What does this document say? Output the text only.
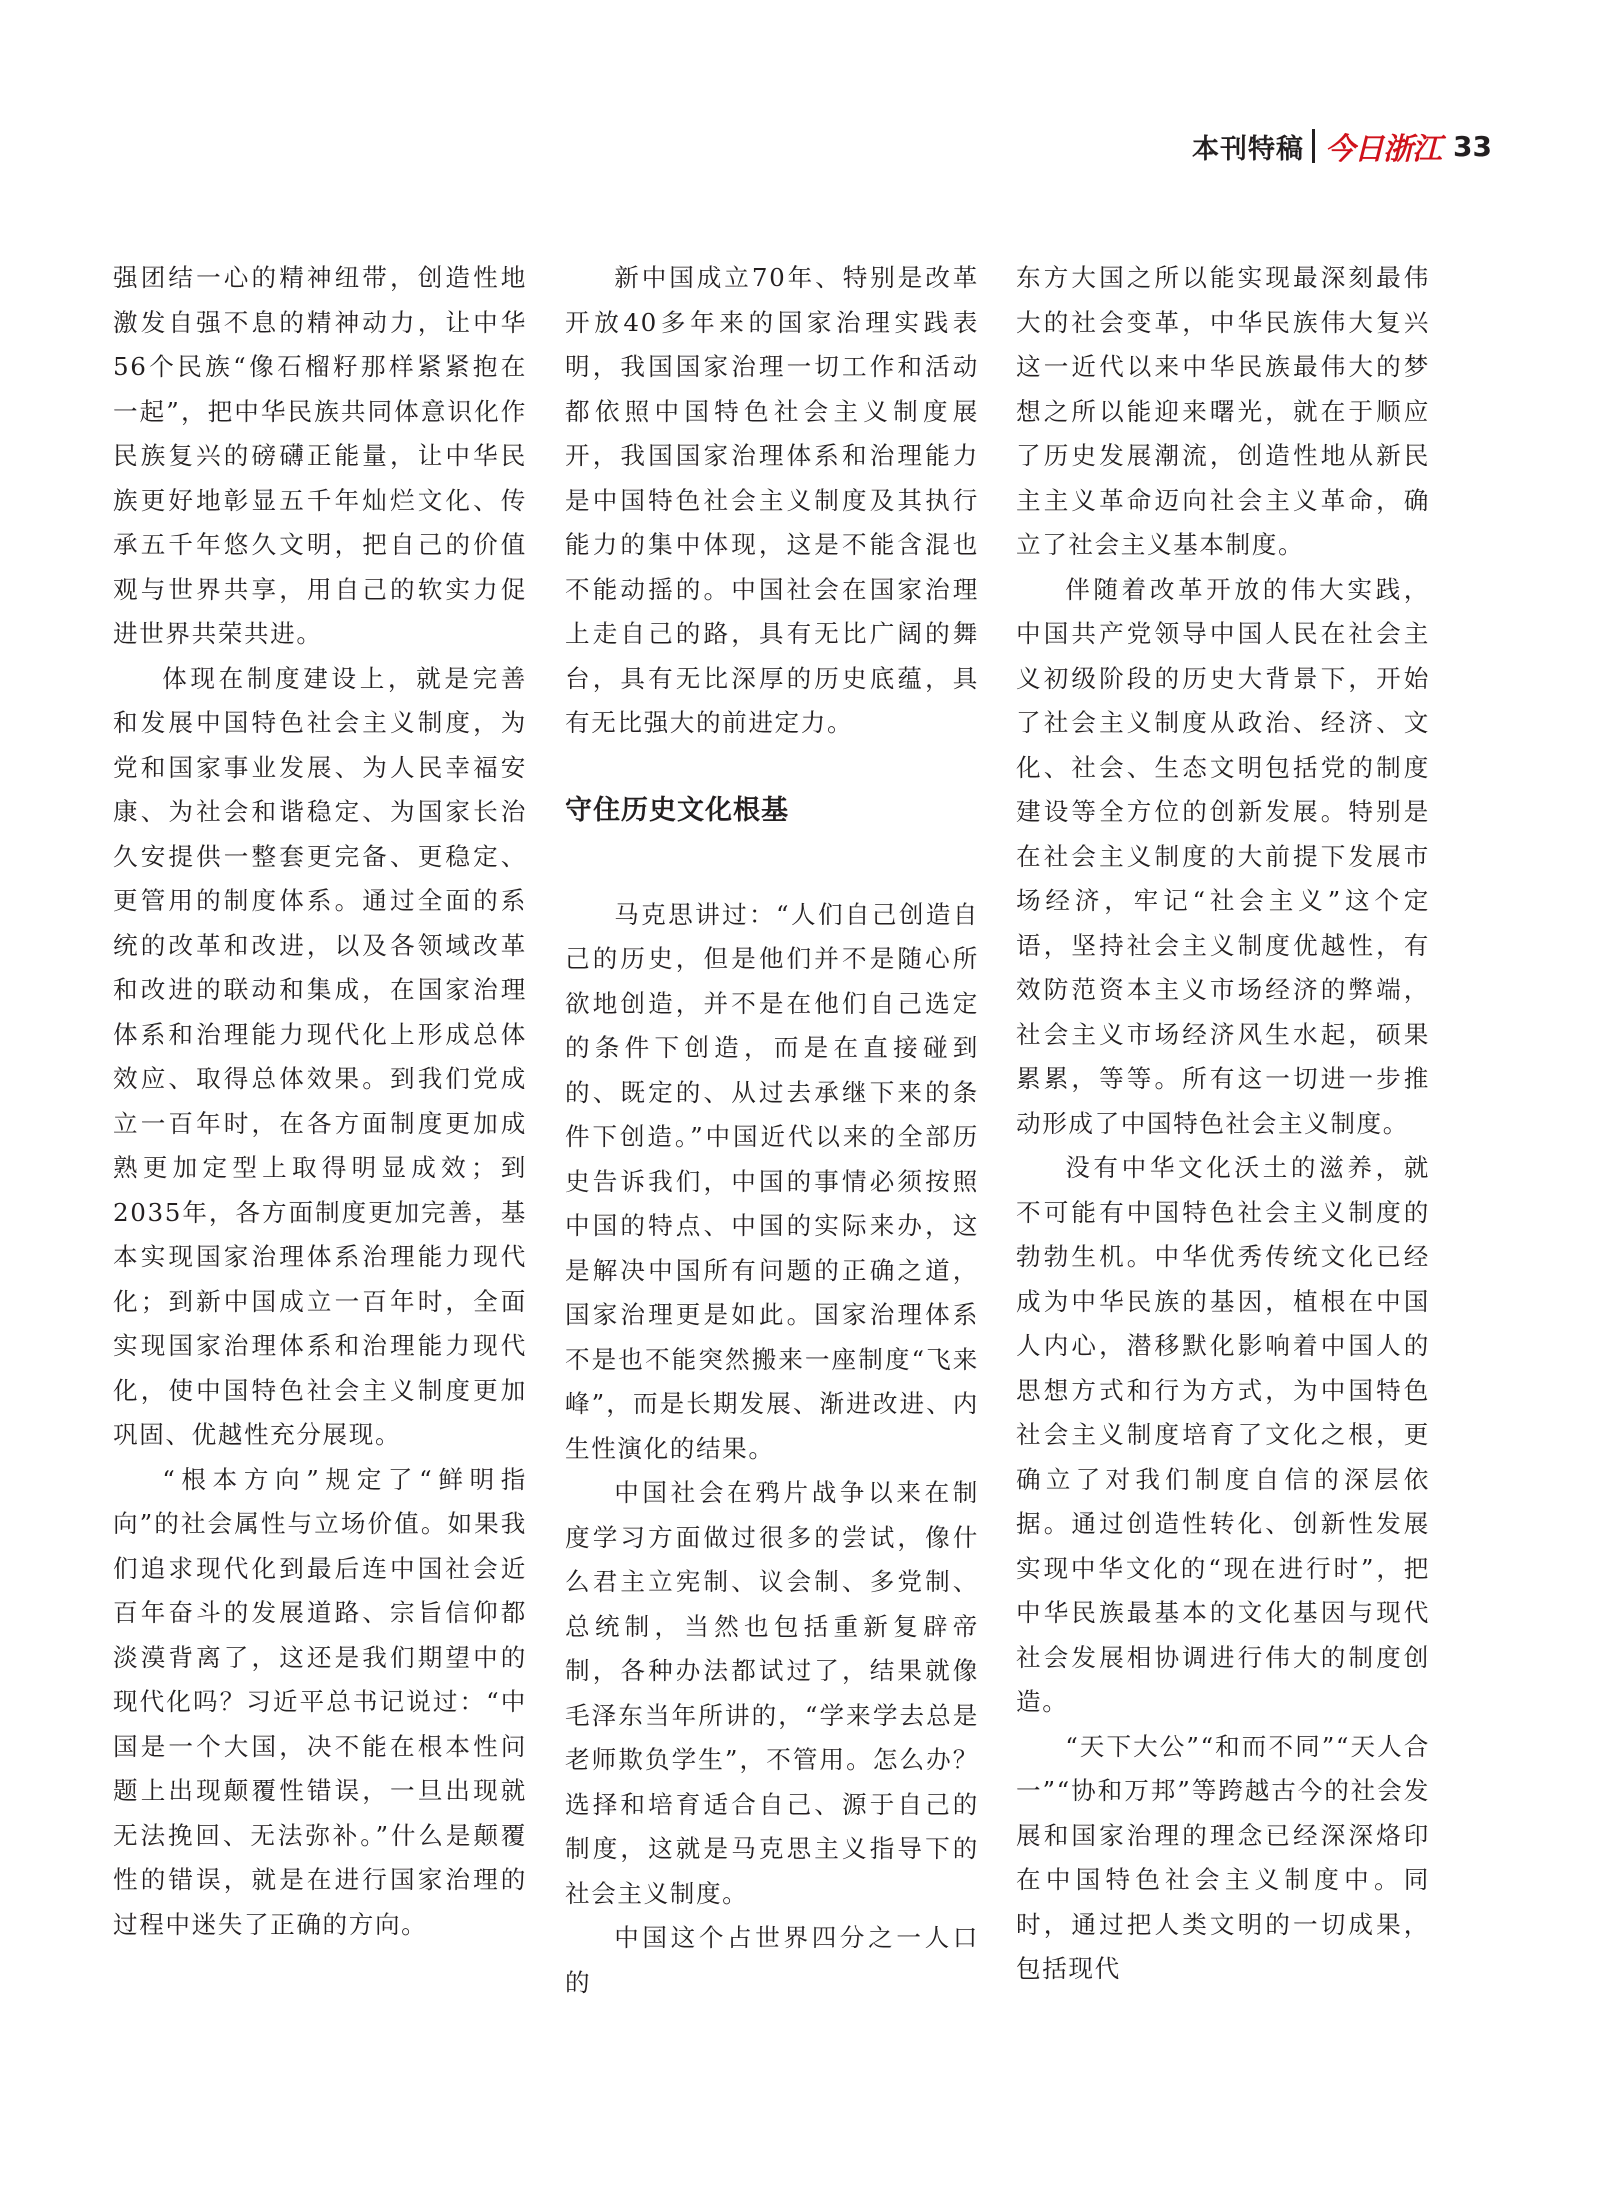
本刊特稿 今日浙江 33

强团结一心的精神纽带，创造性地激发自强不息的精神动力，让中华56个民族“像石榴籽那样紧紧抱在一起”，把中华民族共同体意识化作民族复兴的磅礴正能量，让中华民族更好地彰显五千年灿烂文化、传承五千年悠久文明，把自己的价值观与世界共享，用自己的软实力促进世界共荣共进。

体现在制度建设上，就是完善和发展中国特色社会主义制度，为党和国家事业发展、为人民幸福安康、为社会和谐稳定、为国家长治久安提供一整套更完备、更稳定、更管用的制度体系。通过全面的系统的改革和改进，以及各领域改革和改进的联动和集成，在国家治理体系和治理能力现代化上形成总体效应、取得总体效果。到我们党成立一百年时，在各方面制度更加成熟更加定型上取得明显成效；到2035年，各方面制度更加完善，基本实现国家治理体系治理能力现代化；到新中国成立一百年时，全面实现国家治理体系和治理能力现代化，使中国特色社会主义制度更加巩固、优越性充分展现。

“根本方向”规定了“鲜明指向”的社会属性与立场价值。如果我们追求现代化到最后连中国社会近百年奋斗的发展道路、宗旨信仰都淡漠背离了，这还是我们期望中的现代化吗？习近平总书记说过：“中国是一个大国，决不能在根本性问题上出现颠覆性错误，一旦出现就无法挽回、无法弥补。”什么是颠覆性的错误，就是在进行国家治理的过程中迷失了正确的方向。

新中国成立70年、特别是改革开放40多年来的国家治理实践表明，我国国家治理一切工作和活动都依照中国特色社会主义制度展开，我国国家治理体系和治理能力是中国特色社会主义制度及其执行能力的集中体现，这是不能含混也不能动摇的。中国社会在国家治理上走自己的路，具有无比广阔的舞台，具有无比深厚的历史底蕴，具有无比强大的前进定力。

守住历史文化根基

马克思讲过：“人们自己创造自己的历史，但是他们并不是随心所欲地创造，并不是在他们自己选定的条件下创造，而是在直接碰到的、既定的、从过去承继下来的条件下创造。”中国近代以来的全部历史告诉我们，中国的事情必须按照中国的特点、中国的实际来办，这是解决中国所有问题的正确之道，国家治理更是如此。国家治理体系不是也不能突然搬来一座制度“飞来峰”，而是长期发展、渐进改进、内生性演化的结果。

中国社会在鸦片战争以来在制度学习方面做过很多的尝试，像什么君主立宪制、议会制、多党制、总统制，当然也包括重新复辟帝制，各种办法都试过了，结果就像毛泽东当年所讲的，“学来学去总是老师欺负学生”，不管用。怎么办？选择和培育适合自己、源于自己的制度，这就是马克思主义指导下的社会主义制度。

中国这个占世界四分之一人口的

东方大国之所以能实现最深刻最伟大的社会变革，中华民族伟大复兴这一近代以来中华民族最伟大的梦想之所以能迎来曙光，就在于顺应了历史发展潮流，创造性地从新民主主义革命迈向社会主义革命，确立了社会主义基本制度。

伴随着改革开放的伟大实践，中国共产党领导中国人民在社会主义初级阶段的历史大背景下，开始了社会主义制度从政治、经济、文化、社会、生态文明包括党的制度建设等全方位的创新发展。特别是在社会主义制度的大前提下发展市场经济，牢记“社会主义”这个定语，坚持社会主义制度优越性，有效防范资本主义市场经济的弊端，社会主义市场经济风生水起，硕果累累，等等。所有这一切进一步推动形成了中国特色社会主义制度。

没有中华文化沃土的滋养，就不可能有中国特色社会主义制度的勃勃生机。中华优秀传统文化已经成为中华民族的基因，植根在中国人内心，潜移默化影响着中国人的思想方式和行为方式，为中国特色社会主义制度培育了文化之根，更确立了对我们制度自信的深层依据。通过创造性转化、创新性发展实现中华文化的“现在进行时”，把中华民族最基本的文化基因与现代社会发展相协调进行伟大的制度创造。

“天下大公”“和而不同”“天人合一”“协和万邦”等跨越古今的社会发展和国家治理的理念已经深深烙印在中国特色社会主义制度中。同时，通过把人类文明的一切成果，包括现代
